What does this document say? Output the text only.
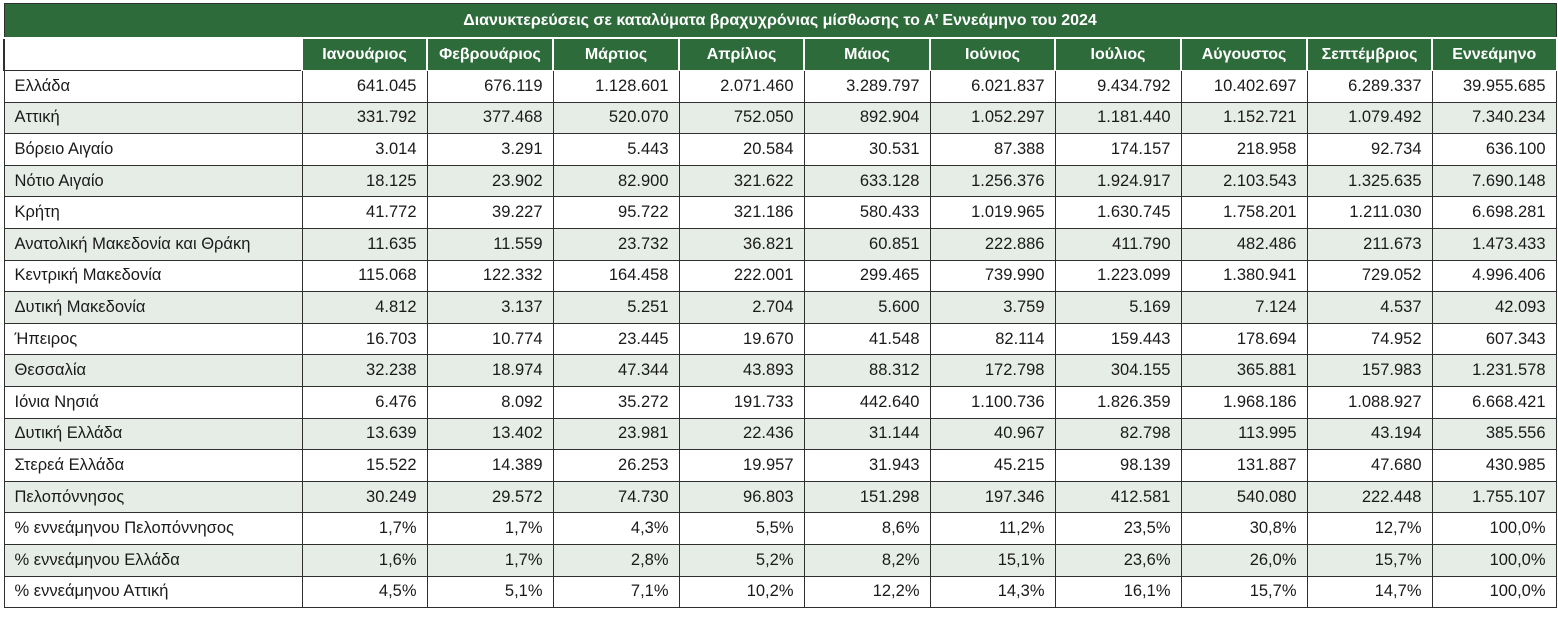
Διανυκτερεύσεις σε καταλύματα βραχυχρόνιας μίσθωσης το Α’ Εννεάμηνο του 2024										
	Ιανουάριος	Φεβρουάριος	Μάρτιος	Απρίλιος	Μάιος	Ιούνιος	Ιούλιος	Αύγουστος	Σεπτέμβριος	Εννεάμηνο
Ελλάδα	641.045	676.119	1.128.601	2.071.460	3.289.797	6.021.837	9.434.792	10.402.697	6.289.337	39.955.685
Αττική	331.792	377.468	520.070	752.050	892.904	1.052.297	1.181.440	1.152.721	1.079.492	7.340.234
Βόρειο Αιγαίο	3.014	3.291	5.443	20.584	30.531	87.388	174.157	218.958	92.734	636.100
Νότιο Αιγαίο	18.125	23.902	82.900	321.622	633.128	1.256.376	1.924.917	2.103.543	1.325.635	7.690.148
Κρήτη	41.772	39.227	95.722	321.186	580.433	1.019.965	1.630.745	1.758.201	1.211.030	6.698.281
Ανατολική Μακεδονία και Θράκη	11.635	11.559	23.732	36.821	60.851	222.886	411.790	482.486	211.673	1.473.433
Κεντρική Μακεδονία	115.068	122.332	164.458	222.001	299.465	739.990	1.223.099	1.380.941	729.052	4.996.406
Δυτική Μακεδονία	4.812	3.137	5.251	2.704	5.600	3.759	5.169	7.124	4.537	42.093
Ήπειρος	16.703	10.774	23.445	19.670	41.548	82.114	159.443	178.694	74.952	607.343
Θεσσαλία	32.238	18.974	47.344	43.893	88.312	172.798	304.155	365.881	157.983	1.231.578
Ιόνια Νησιά	6.476	8.092	35.272	191.733	442.640	1.100.736	1.826.359	1.968.186	1.088.927	6.668.421
Δυτική Ελλάδα	13.639	13.402	23.981	22.436	31.144	40.967	82.798	113.995	43.194	385.556
Στερεά Ελλάδα	15.522	14.389	26.253	19.957	31.943	45.215	98.139	131.887	47.680	430.985
Πελοπόννησος	30.249	29.572	74.730	96.803	151.298	197.346	412.581	540.080	222.448	1.755.107
% εννεάμηνου Πελοπόννησος	1,7%	1,7%	4,3%	5,5%	8,6%	11,2%	23,5%	30,8%	12,7%	100,0%
% εννεάμηνου Ελλάδα	1,6%	1,7%	2,8%	5,2%	8,2%	15,1%	23,6%	26,0%	15,7%	100,0%
% εννεάμηνου Αττική	4,5%	5,1%	7,1%	10,2%	12,2%	14,3%	16,1%	15,7%	14,7%	100,0%
